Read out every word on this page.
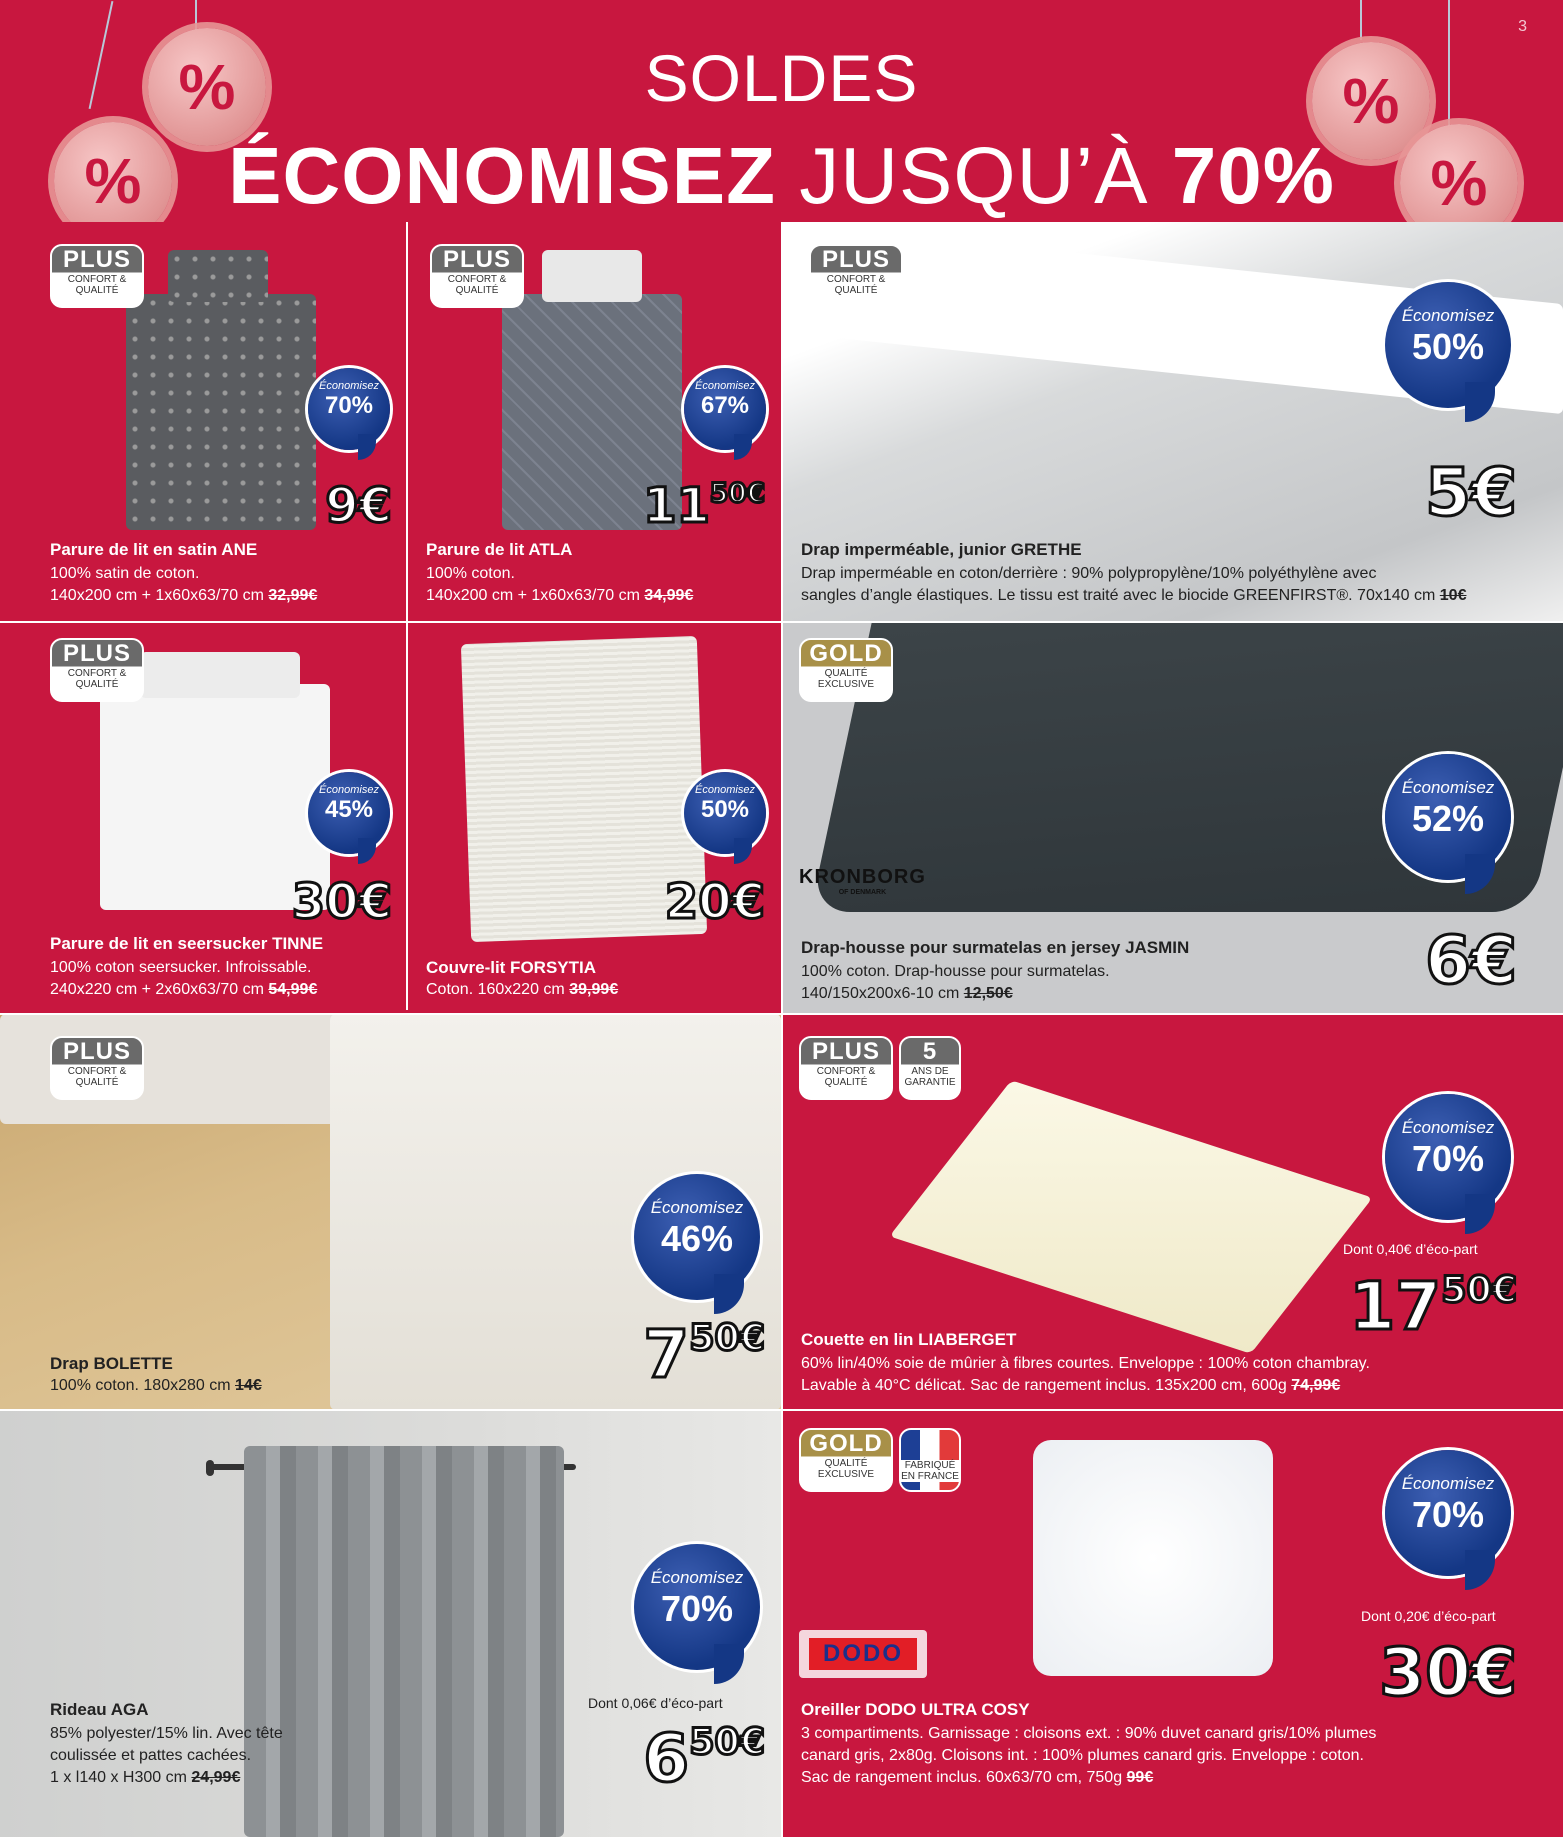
3
%
%
%
%
SOLDES
ÉCONOMISEZ JUSQU’À 70%
PLUS
CONFORT & QUALITÉ
Économisez
70%
9€
Parure de lit en satin ANE
100% satin de coton.
140x200 cm + 1x60x63/70 cm 32,99€
PLUS
CONFORT & QUALITÉ
Économisez
67%
$11^{50€}$
Parure de lit ATLA
100% coton.
140x200 cm + 1x60x63/70 cm 34,99€
PLUS
CONFORT & QUALITÉ
Économisez
50%
5€
Drap imperméable, junior GRETHE
Drap imperméable en coton/derrière : 90% polypropylène/10% polyéthylène avec
sangles d’angle élastiques. Le tissu est traité avec le biocide GREENFIRST®. 70x140 cm 10€
PLUS
CONFORT & QUALITÉ
Économisez
45%
30€
Parure de lit en seersucker TINNE
100% coton seersucker. Infroissable.
240x220 cm + 2x60x63/70 cm 54,99€
Économisez
50%
20€
Couvre-lit FORSYTIA
Coton. 160x220 cm 39,99€
GOLD
QUALITÉ EXCLUSIVE
KRONBORG
OF DENMARK
Économisez
52%
6€
Drap-housse pour surmatelas en jersey JASMIN
100% coton. Drap-housse pour surmatelas.
140/150x200x6-10 cm 12,50€
PLUS
CONFORT & QUALITÉ
Économisez
46%
$7^{50€}$
Drap BOLETTE
100% coton. 180x280 cm 14€
PLUS
CONFORT & QUALITÉ
5
ANS DE GARANTIE
Économisez
70%
Dont 0,40€ d’éco-part
$17^{50€}$
Couette en lin LIABERGET
60% lin/40% soie de mûrier à fibres courtes. Enveloppe : 100% coton chambray.
Lavable à 40°C délicat. Sac de rangement inclus. 135x200 cm, 600g 74,99€
Économisez
70%
Dont 0,06€ d’éco-part
$6^{50€}$
Rideau AGA
85% polyester/15% lin. Avec tête
coulissée et pattes cachées.
1 x l140 x H300 cm 24,99€
GOLD
QUALITÉ EXCLUSIVE
FABRIQUÉ EN FRANCE
DODO
Économisez
70%
Dont 0,20€ d’éco-part
30€
Oreiller DODO ULTRA COSY
3 compartiments. Garnissage : cloisons ext. : 90% duvet canard gris/10% plumes
canard gris, 2x80g. Cloisons int. : 100% plumes canard gris. Enveloppe : coton.
Sac de rangement inclus. 60x63/70 cm, 750g 99€
